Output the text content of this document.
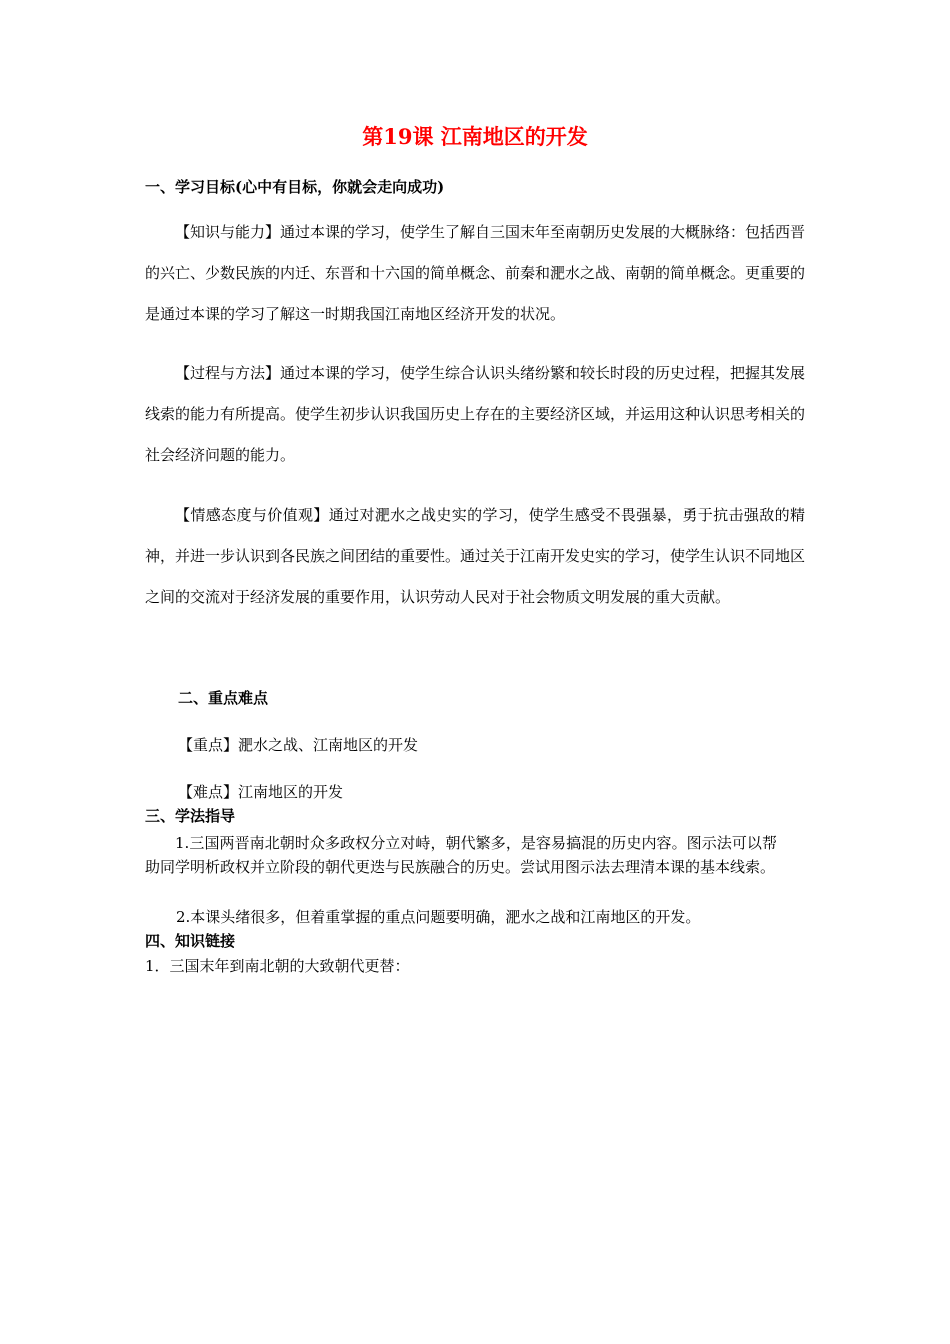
第19课 江南地区的开发
一、学习目标(心中有目标，你就会走向成功)

【知识与能力】通过本课的学习，使学生了解自三国末年至南朝历史发展的大概脉络：包括西晋的兴亡、少数民族的内迁、东晋和十六国的简单概念、前秦和淝水之战、南朝的简单概念。更重要的是通过本课的学习了解这一时期我国江南地区经济开发的状况。

【过程与方法】通过本课的学习，使学生综合认识头绪纷繁和较长时段的历史过程，把握其发展线索的能力有所提高。使学生初步认识我国历史上存在的主要经济区域，并运用这种认识思考相关的社会经济问题的能力。

【情感态度与价值观】通过对淝水之战史实的学习，使学生感受不畏强暴，勇于抗击强敌的精神，并进一步认识到各民族之间团结的重要性。通过关于江南开发史实的学习，使学生认识不同地区之间的交流对于经济发展的重要作用，认识劳动人民对于社会物质文明发展的重大贡献。

二、重点难点
【重点】淝水之战、江南地区的开发
【难点】江南地区的开发
三、学法指导

1.三国两晋南北朝时众多政权分立对峙，朝代繁多，是容易搞混的历史内容。图示法可以帮助同学明析政权并立阶段的朝代更迭与民族融合的历史。尝试用图示法去理清本课的基本线索。

2.本课头绪很多，但着重掌握的重点问题要明确，淝水之战和江南地区的开发。
四、知识链接
1．三国末年到南北朝的大致朝代更替：
